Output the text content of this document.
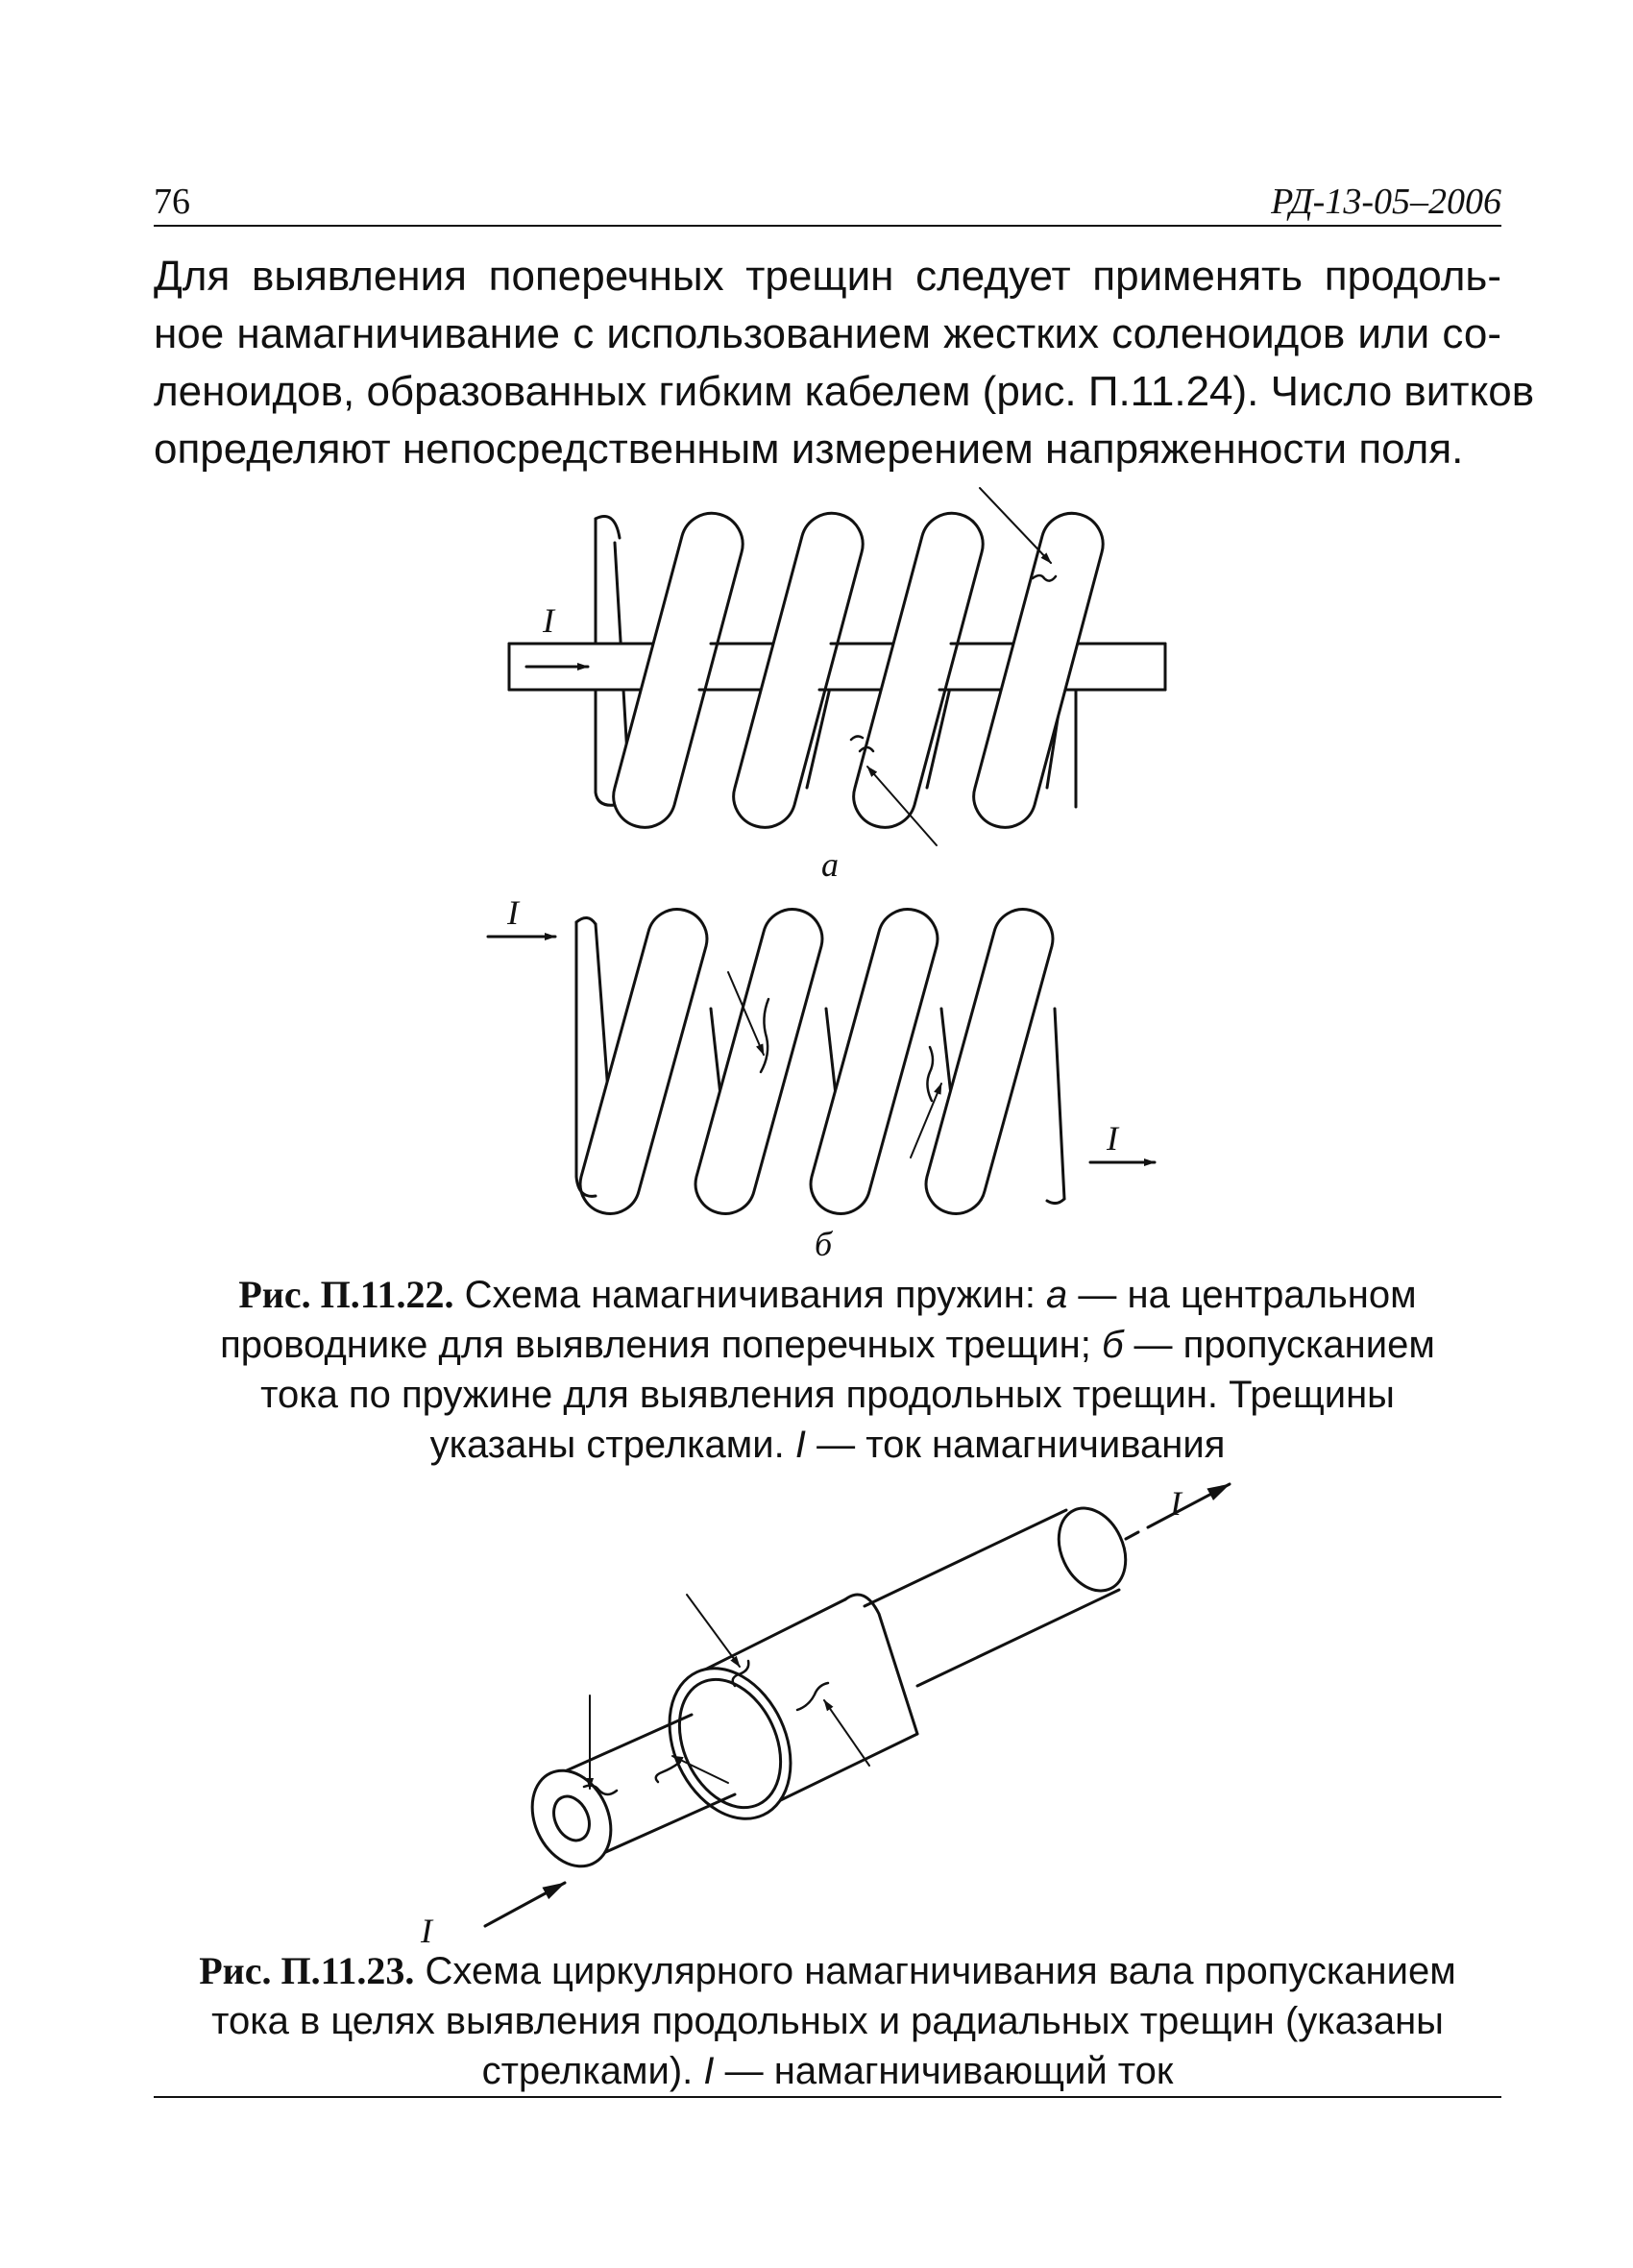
76	РД-13-05–2006
Для выявления поперечных трещин следует применять продоль-
ное намагничивание с использованием жестких соленоидов или со-
леноидов, образованных гибким кабелем (рис. П.11.24). Число витков
определяют непосредственным измерением напряженности поля.
I
а
I
I
б
I
I
Рис. П.11.22. Схема намагничивания пружин: а — на центральном
проводнике для выявления поперечных трещин; б — пропусканием
тока по пружине для выявления продольных трещин. Трещины
указаны стрелками. I — ток намагничивания
Рис. П.11.23. Схема циркулярного намагничивания вала пропусканием
тока в целях выявления продольных и радиальных трещин (указаны
стрелками). I — намагничивающий ток
